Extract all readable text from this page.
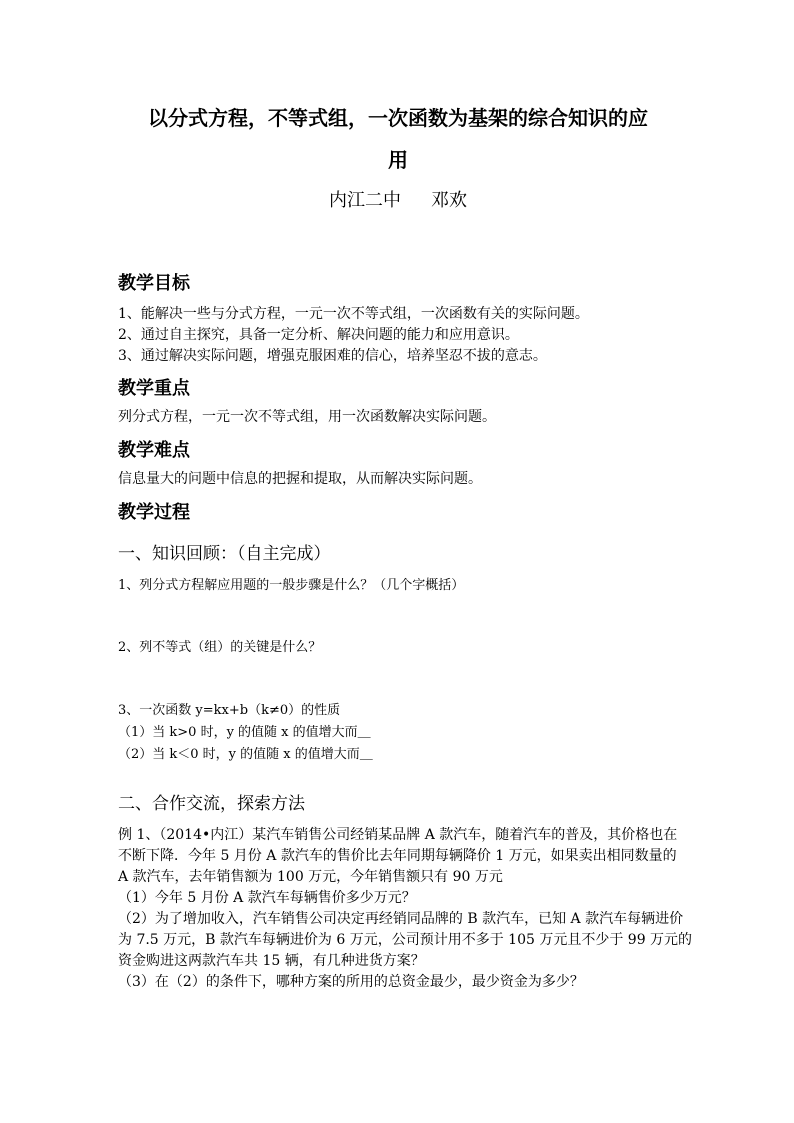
以分式方程，不等式组，一次函数为基架的综合知识的应
用
内江二中 邓欢
教学目标
1、能解决一些与分式方程，一元一次不等式组，一次函数有关的实际问题。
2、通过自主探究，具备一定分析、解决问题的能力和应用意识。
3、通过解决实际问题，增强克服困难的信心，培养坚忍不拔的意志。
教学重点
列分式方程，一元一次不等式组，用一次函数解决实际问题。
教学难点
信息量大的问题中信息的把握和提取，从而解决实际问题。
教学过程
一、知识回顾：（自主完成）
1、列分式方程解应用题的一般步骤是什么？（几个字概括）
2、列不等式（组）的关键是什么？
3、一次函数 y=kx+b（k≠0）的性质
（1）当 k>0 时，y 的值随 x 的值增大而＿
（2）当 k＜0 时，y 的值随 x 的值增大而＿
二、合作交流，探索方法
例 1、（2014•内江）某汽车销售公司经销某品牌 A 款汽车，随着汽车的普及，其价格也在
不断下降．今年 5 月份 A 款汽车的售价比去年同期每辆降价 1 万元，如果卖出相同数量的
A 款汽车，去年销售额为 100 万元，今年销售额只有 90 万元
（1）今年 5 月份 A 款汽车每辆售价多少万元？
（2）为了增加收入，汽车销售公司决定再经销同品牌的 B 款汽车，已知 A 款汽车每辆进价
为 7.5 万元，B 款汽车每辆进价为 6 万元，公司预计用不多于 105 万元且不少于 99 万元的
资金购进这两款汽车共 15 辆，有几种进货方案？
（3）在（2）的条件下，哪种方案的所用的总资金最少，最少资金为多少？
